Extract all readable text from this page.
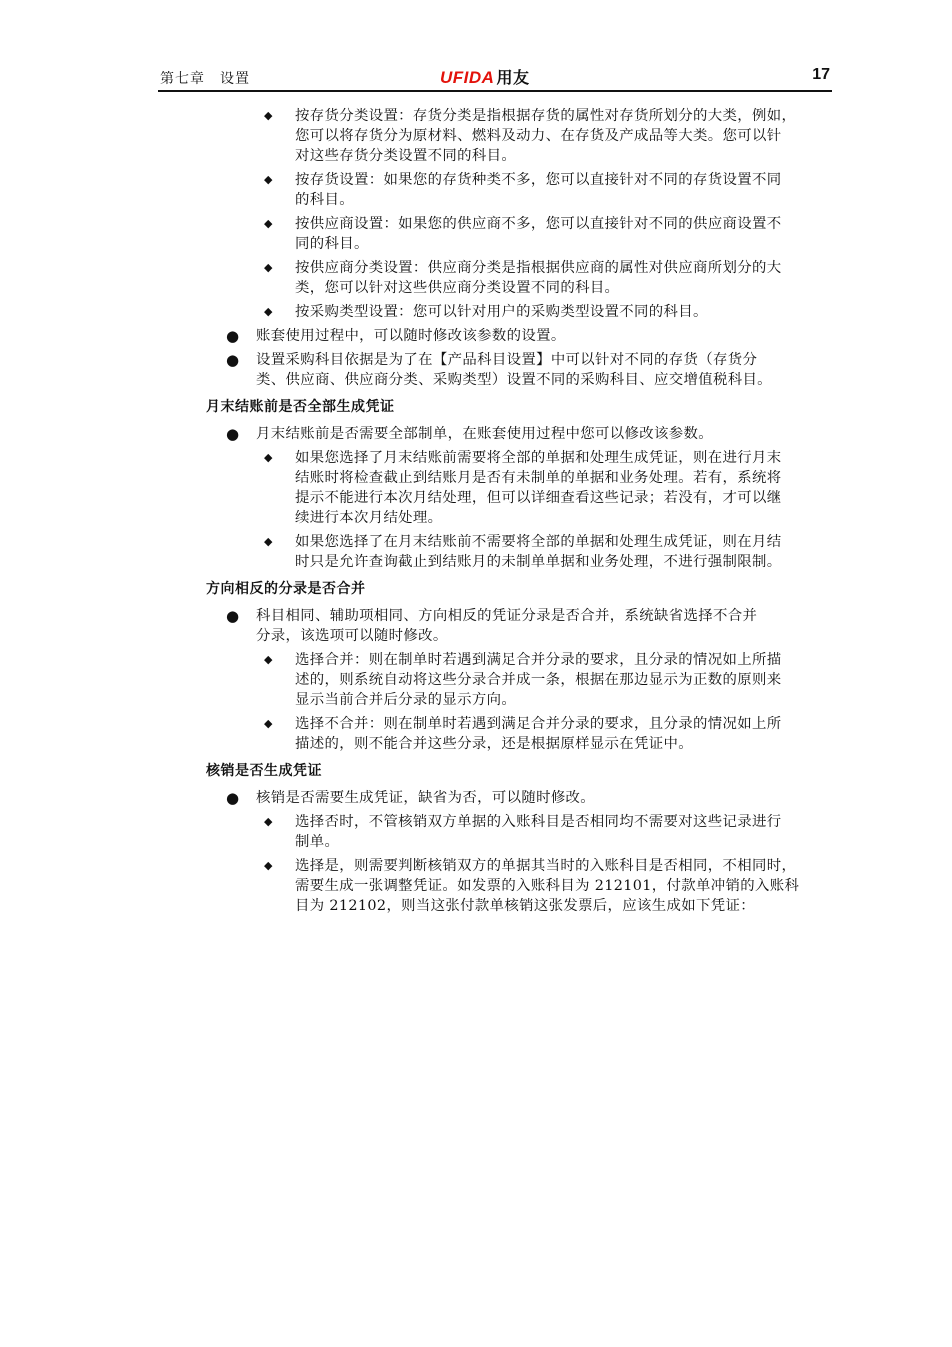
第七章　设置	UFIDA 用友	17
◆ 按存货分类设置：存货分类是指根据存货的属性对存货所划分的大类，例如，
您可以将存货分为原材料、燃料及动力、在存货及产成品等大类。您可以针
对这些存货分类设置不同的科目。
◆ 按存货设置：如果您的存货种类不多，您可以直接针对不同的存货设置不同
的科目。
◆ 按供应商设置：如果您的供应商不多，您可以直接针对不同的供应商设置不
同的科目。
◆ 按供应商分类设置：供应商分类是指根据供应商的属性对供应商所划分的大
类，您可以针对这些供应商分类设置不同的科目。
◆ 按采购类型设置：您可以针对用户的采购类型设置不同的科目。
● 账套使用过程中，可以随时修改该参数的设置。
● 设置采购科目依据是为了在【产品科目设置】中可以针对不同的存货（存货分
类、供应商、供应商分类、采购类型）设置不同的采购科目、应交增值税科目。
月末结账前是否全部生成凭证
● 月末结账前是否需要全部制单，在账套使用过程中您可以修改该参数。
◆ 如果您选择了月末结账前需要将全部的单据和处理生成凭证，则在进行月末
结账时将检查截止到结账月是否有未制单的单据和业务处理。若有，系统将
提示不能进行本次月结处理，但可以详细查看这些记录；若没有，才可以继
续进行本次月结处理。
◆ 如果您选择了在月末结账前不需要将全部的单据和处理生成凭证，则在月结
时只是允许查询截止到结账月的未制单单据和业务处理，不进行强制限制。
方向相反的分录是否合并
● 科目相同、辅助项相同、方向相反的凭证分录是否合并，系统缺省选择不合并
分录，该选项可以随时修改。
◆ 选择合并：则在制单时若遇到满足合并分录的要求，且分录的情况如上所描
述的，则系统自动将这些分录合并成一条，根据在那边显示为正数的原则来
显示当前合并后分录的显示方向。
◆ 选择不合并：则在制单时若遇到满足合并分录的要求，且分录的情况如上所
描述的，则不能合并这些分录，还是根据原样显示在凭证中。
核销是否生成凭证
● 核销是否需要生成凭证，缺省为否，可以随时修改。
◆ 选择否时，不管核销双方单据的入账科目是否相同均不需要对这些记录进行
制单。
◆ 选择是，则需要判断核销双方的单据其当时的入账科目是否相同，不相同时，
需要生成一张调整凭证。如发票的入账科目为 212101，付款单冲销的入账科
目为 212102，则当这张付款单核销这张发票后，应该生成如下凭证：
